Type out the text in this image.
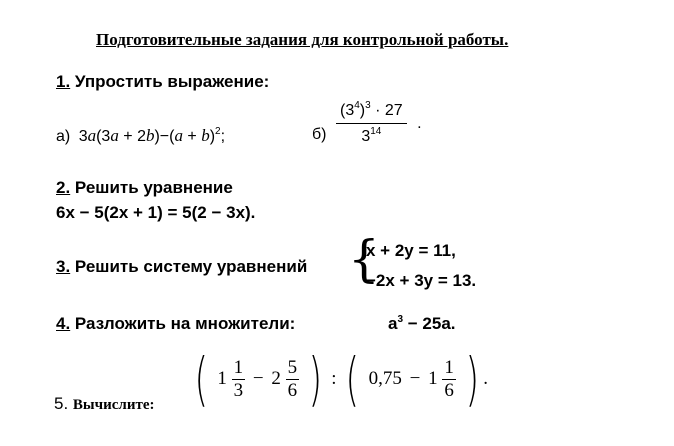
Подготовительные задания для контрольной работы.
1. Упростить выражение:
а) $3a(3a + 2b)-(a + b)^2$;	$б) \frac{(3^4)^3 \cdot 27}{3^{14}}$ .
2. Решить уравнение
6x − 5(2x + 1) = 5(2 − 3x).
3. Решить систему уравнений {
x + 2y = 11,
−2x + 3y = 13.
4. Разложить на множители:	$a^3 - 25a$.
5. Вычислите: ( $1 \frac{1}{3} - 2 \frac{5}{6}$ ) : ( $0,75 - 1 \frac{1}{6}$ ) .
